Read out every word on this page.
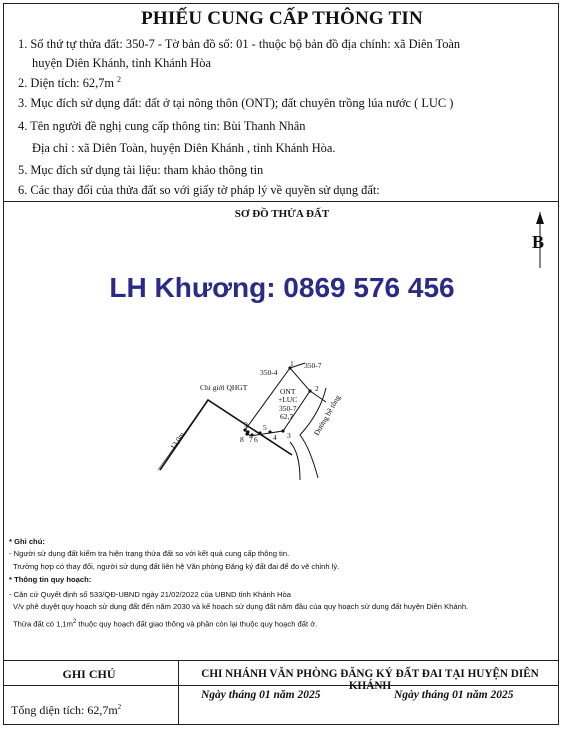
PHIẾU CUNG CẤP THÔNG TIN
1. Số thứ tự thửa đất: 350-7 - Tờ bản đồ số: 01 - thuộc bộ bản đồ địa chính: xã Diên Toàn
huyện Diên Khánh, tỉnh Khánh Hòa
2. Diện tích: 62,7m $^2$
3. Mục đích sử dụng đất: đất ở tại nông thôn (ONT); đất chuyên trồng lúa nước ( LUC )
4. Tên người đề nghị cung cấp thông tin: Bùi Thanh Nhân
Địa chỉ : xã Diên Toàn, huyện Diên Khánh , tỉnh Khánh Hòa.
5. Mục đích sử dụng tài liệu: tham khảo thông tin
6. Các thay đổi của thửa đất so với giấy tờ pháp lý về quyền sử dụng đất:
SƠ ĐỒ THỬA ĐẤT
B
LH Khương: 0869 576 456
350-4
350-7
Chỉ giới QHGT	ONT
+LUC
350-7
62,7
1
2
3
4
5
6
7
8
9	Đường bê tông
13,0m
* Ghi chú:
- Người sử dụng đất kiểm tra hiện trạng thửa đất so với kết quả cung cấp thông tin.
Trường hợp có thay đổi, người sử dụng đất liên hệ Văn phòng Đăng ký đất đai để đo vẽ chỉnh lý.
* Thông tin quy hoạch:
- Căn cứ Quyết định số 533/QĐ-UBND ngày 21/02/2022 của UBND tỉnh Khánh Hòa
V/v phê duyệt quy hoạch sử dụng đất đến năm 2030 và kế hoạch sử dụng đất năm đầu của quy hoạch sử dụng đất huyện Diên Khánh.
Thửa đất có $1,1m^2$ thuộc quy hoạch đất giao thông và phần còn lại thuộc quy hoạch đất ở.
GHI CHÚ	CHI NHÁNH VĂN PHÒNG ĐĂNG KÝ ĐẤT ĐAI TẠI HUYỆN DIÊN KHÁNH
Ngày tháng 01 năm 2025	Ngày tháng 01 năm 2025
Tổng diện tích: $62,7m^2$
